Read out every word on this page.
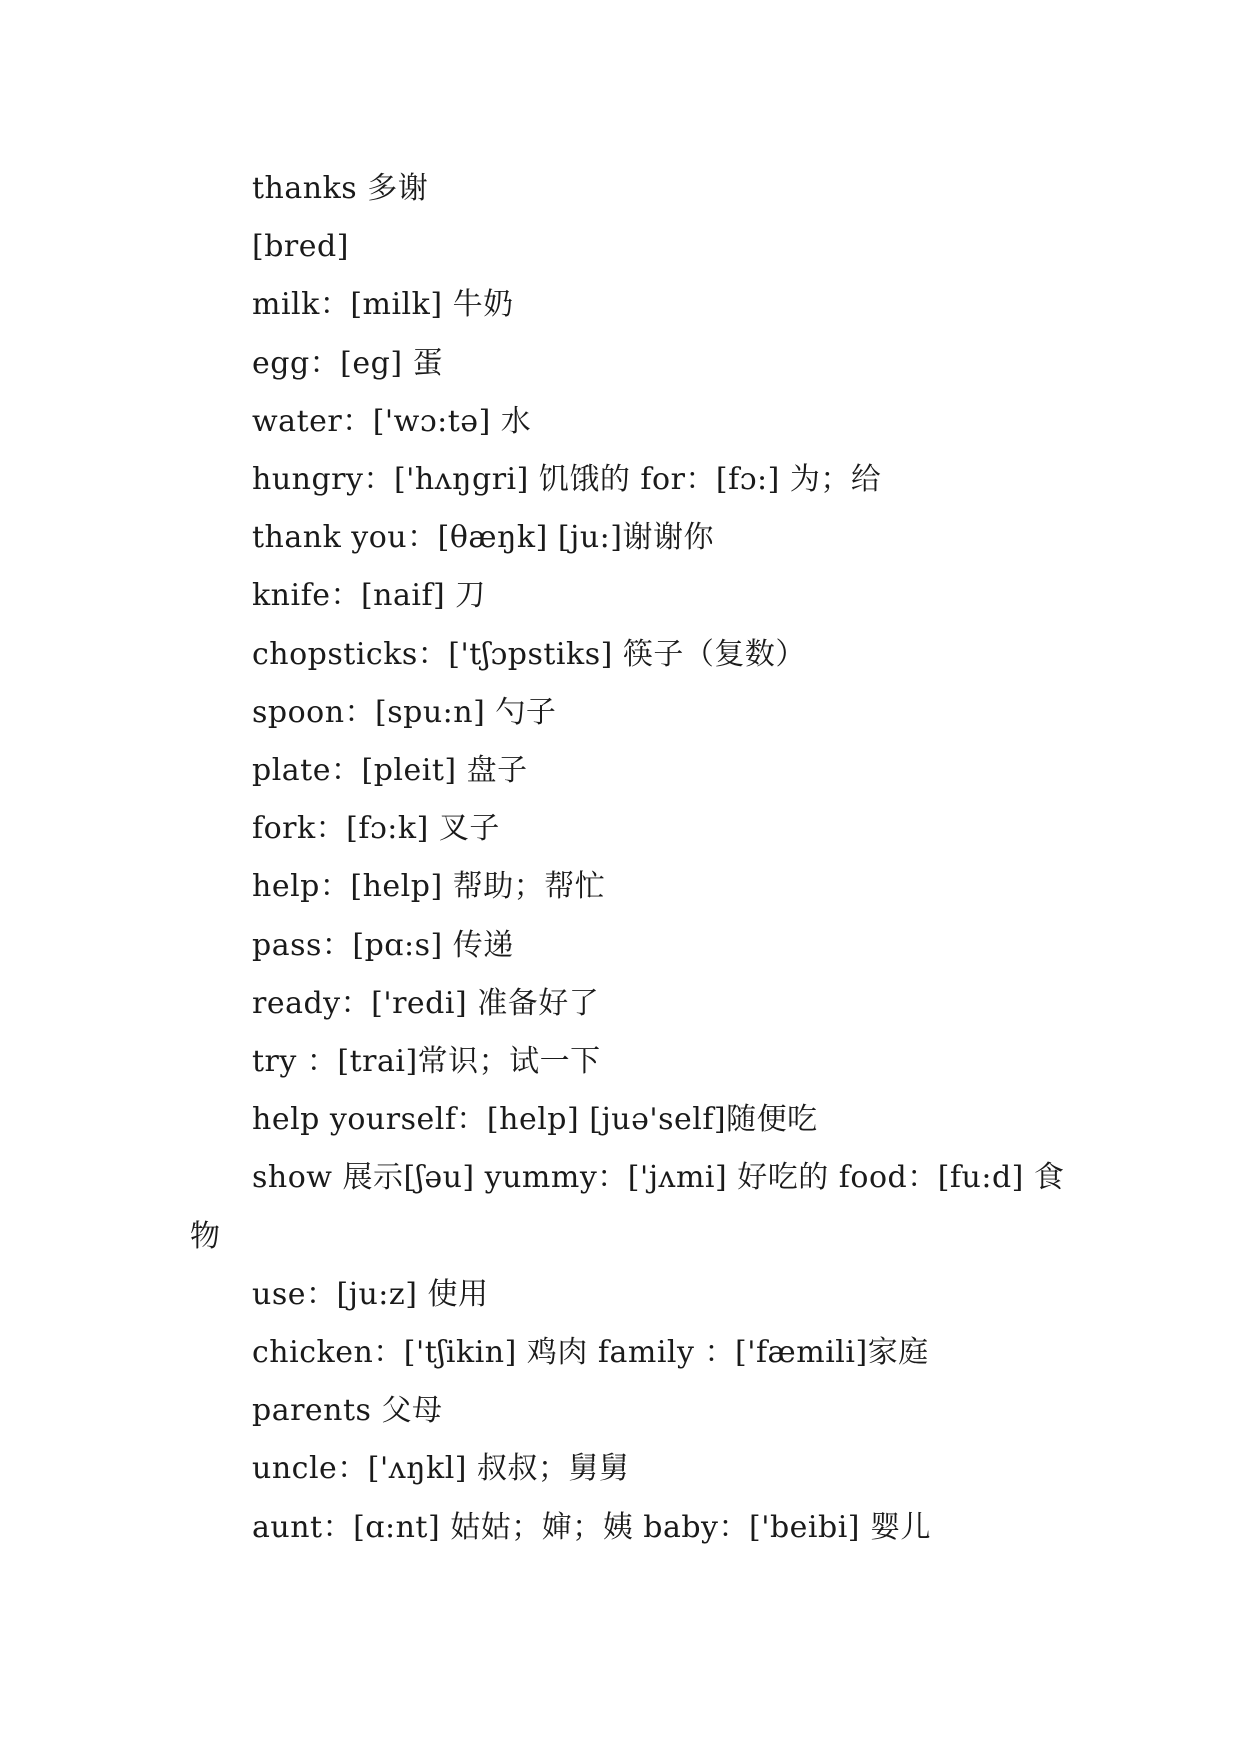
thanks 多谢
[bred]
milk：[milk] 牛奶
egg：[eg] 蛋
water：['wɔ:tə] 水
hungry：['hʌŋgri] 饥饿的 for：[fɔ:] 为；给
thank you：[θæŋk] [ju:]谢谢你
knife：[naif] 刀
chopsticks：['tʃɔpstiks] 筷子（复数）
spoon：[spu:n] 勺子
plate：[pleit] 盘子
fork：[fɔ:k] 叉子
help：[help] 帮助；帮忙
pass：[pɑ:s] 传递
ready：['redi] 准备好了
try ：[trai]常识；试一下
help yourself：[help] [juə'self]随便吃
show 展示[ʃəu] yummy：['jʌmi] 好吃的 food：[fu:d] 食物
use：[ju:z] 使用
chicken：['tʃikin] 鸡肉 family ：['fæmili]家庭
parents 父母
uncle：['ʌŋkl] 叔叔；舅舅
aunt：[ɑ:nt] 姑姑；婶；姨 baby：['beibi] 婴儿
